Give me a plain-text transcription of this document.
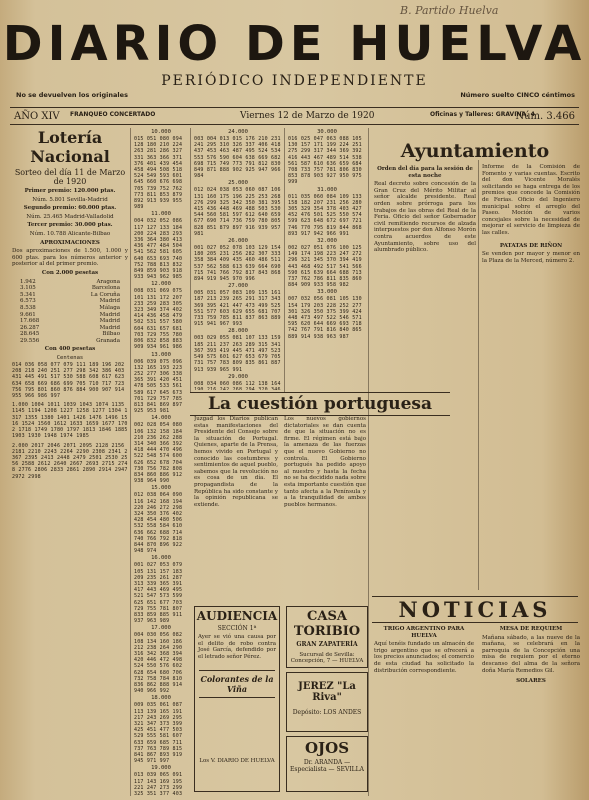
B. Partido Huelva
DIARIO DE HUELVA
PERIÓDICO INDEPENDIENTE
No se devuelven los originales	Número suelto CINCO céntimos
AÑO XIV FRANQUEO CONCERTADO	Viernes 12 de Marzo de 1920	Oficinas y Talleres: GRAVINA, 4
Núm. 3.466
Lotería Nacional
Sorteo del día 11 de Marzo de 1920

Primer premio: 120.000 ptas.

Núm. 5.801 Sevilla-Madrid

Segundo premio: 60.000 ptas.

Núm. 25.465 Madrid-Valladolid

Tercer premio: 30.000 ptas.

Núm. 10.788 Alicante-Bilbao

APROXIMACIONES

Dos aproximaciones de 1.500, 1.000 y 600 ptas. para los números anterior y posterior al del primer premio.

Con 2.000 pesetas

1.942	Aragona
3.105	Barcelona
5.341	La Coruña
6.573	Madrid
8.538	Málaga
9.661	Madrid
17.668	Madrid
26.287	Madrid
28.645	Bilbao
29.556	Granada

Con 400 pesetas

Centenas

014 036 058 077 079 111 189 196 202 208 218 240 251 277 298 342 386 403 431 445 491 517 530 588 608 617 623 634 658 669 686 699 705 710 717 723 756 795 801 860 876 884 900 907 914 955 966 986 997

1.000 1004 1011 1039 1043 1074 1135 1145 1194 1208 1227 1258 1277 1304 1317 1355 1380 1401 1426 1476 1496 1516 1524 1560 1612 1633 1659 1677 1702 1718 1749 1780 1797 1813 1846 1885 1903 1930 1948 1974 1985

2.000 2017 2046 2071 2095 2128 2156 2181 2210 2243 2264 2290 2308 2341 2367 2395 2413 2448 2479 2501 2530 2556 2588 2612 2640 2667 2693 2715 2748 2776 2806 2833 2861 2890 2914 2947 2972 2998

10.000

015 051 080 094 128 180 210 224 263 281 286 327 331 363 366 371 376 401 439 454 458 494 508 518 524 549 593 601 645 660 676 698 705 739 752 762 773 811 853 879 892 913 939 955 989

11.000

004 032 052 086 117 127 133 184 200 224 283 293 336 364 380 413 436 477 484 504 541 562 581 605 640 653 693 740 752 788 813 832 849 859 903 918 933 943 962 985

12.000

008 031 069 075 101 131 172 207 233 259 283 305 323 349 374 402 414 436 458 479 502 531 557 580 604 631 657 681 703 729 755 780 806 832 858 883 909 934 961 986

13.000

006 039 075 096 132 165 193 223 252 277 306 338 365 391 420 451 478 505 533 561 589 617 645 673 701 729 757 785 813 841 869 897 925 953 981

14.000

002 028 054 080 106 132 158 184 210 236 262 288 314 340 366 392 418 444 470 496 522 548 574 600 626 652 678 704 730 756 782 808 834 860 886 912 938 964 990

15.000

012 038 064 090 116 142 168 194 220 246 272 298 324 350 376 402 428 454 480 506 532 558 584 610 636 662 688 714 740 766 792 818 844 870 896 922 948 974

16.000

001 027 053 079 105 131 157 183 209 235 261 287 313 339 365 391 417 443 469 495 521 547 573 599 625 651 677 703 729 755 781 807 833 859 885 911 937 963 989

17.000

004 030 056 082 108 134 160 186 212 238 264 290 316 342 368 394 420 446 472 498 524 550 576 602 628 654 680 706 732 758 784 810 836 862 888 914 940 966 992

18.000

009 035 061 087 113 139 165 191 217 243 269 295 321 347 373 399 425 451 477 503 529 555 581 607 633 659 685 711 737 763 789 815 841 867 893 919 945 971 997

19.000

013 039 065 091 117 143 169 195 221 247 273 299 325 351 377 403

24.000

003 004 013 015 176 210 231 241 295 310 326 337 406 418 437 453 463 487 495 524 534 553 576 590 604 638 669 682 698 715 749 773 791 812 830 849 871 888 902 925 947 966 984

25.000

012 024 038 053 060 087 106 131 160 175 196 225 253 268 276 299 325 342 350 381 395 415 436 448 469 488 503 530 544 560 581 597 612 640 659 677 690 714 736 759 780 805 828 851 879 897 916 939 957 981

26.000

001 027 052 078 103 129 154 180 205 231 256 282 307 333 358 384 409 435 460 486 511 537 562 588 613 639 664 690 715 741 766 792 817 843 868 894 919 945 970 996

27.000

005 031 057 083 109 135 161 187 213 239 265 291 317 343 369 395 421 447 473 499 525 551 577 603 629 655 681 707 733 759 785 811 837 863 889 915 941 967 993

28.000

003 029 055 081 107 133 159 185 211 237 263 289 315 341 367 393 419 445 471 497 523 549 575 601 627 653 679 705 731 757 783 809 835 861 887 913 939 965 991

29.000

008 034 060 086 112 138 164 190 216 242 268 294 320 346

30.000

016 025 047 063 088 105 130 157 171 199 224 251 275 299 317 344 369 392 416 443 467 489 514 538 561 587 610 636 659 684 708 733 757 781 806 830 853 878 903 927 950 975 999

31.000

011 035 060 084 109 133 158 182 207 231 256 280 305 329 354 378 403 427 452 476 501 525 550 574 599 623 648 672 697 721 746 770 795 819 844 868 893 917 942 966 991

32.000

002 027 051 076 100 125 149 174 198 223 247 272 296 321 345 370 394 419 443 468 492 517 541 566 590 615 639 664 688 713 737 762 786 811 835 860 884 909 933 958 982

33.000

007 032 056 081 105 130 154 179 203 228 252 277 301 326 350 375 399 424 448 473 497 522 546 571 595 620 644 669 693 718 742 767 791 816 840 865 889 914 938 963 987

La cuestión portuguesa

Juzgad los Diarios publican estas manifestaciones del Presidente del Consejo sobre la situación de Portugal. Quienes, aparte de la Prensa, hemos vivido en Portugal y conocido las costumbres y sentimientos de aquel pueblo, sabemos que la revolución no es cosa de un día. El propagandista de la República ha sido constante y la opinión republicana se extiende.

Los nuevos gobiernos dictatoriales se dan cuenta de que la situación no es firme. El régimen está bajo la amenaza de las fuerzas que el nuevo Gobierno no controla. El Gobierno portugués ha pedido apoyo al nuestro y hasta la fecha no se ha decidido nada sobre esta importante cuestión que tanto afecta a la Península y a la tranquilidad de ambos pueblos hermanos.

Ayuntamiento

Orden del día para la sesión de esta noche

Real decreto sobre concesión de la Gran Cruz del Mérito Militar al señor alcalde presidente. Real orden sobre prórroga para los trabajos de las obras del Real de la Feria. Oficio del señor Gobernador civil remitiendo recursos de alzada interpuestos por don Alfonso Morón contra acuerdos de este Ayuntamiento, sobre uso del alumbrado público.

Informe de la Comisión de Fomento y varias cuentas. Escrito del don Vicente Moralés solicitando se haga entrega de los premios que concede la Comisión de Ferias. Oficio del Ingeniero municipal sobre el arreglo del Paseo. Moción de varios concejales sobre la necesidad de mejorar el servicio de limpieza de las calles.

PATATAS DE RIÑON

Se venden por mayor y menor en la Plaza de la Merced, número 2.

NOTICIAS

TRIGO ARGENTINO PARA HUELVA

Aquí tenéis fundado un almacén de trigo argentino que se ofrecerá a los precios anunciados; el comercio de esta ciudad ha solicitado la distribución correspondiente.

MESA DE REQUIEM

Mañana sábado, a las nueve de la mañana, se celebrará en la parroquia de la Concepción una misa de requiem por el eterno descanso del alma de la señora doña María Remedios Gil.

SOLARES

AUDIENCIA
SECCIÓN 1ª

Ayer se vió una causa por el delito de robo contra José García, defendido por el letrado señor Pérez.

Colorantes de la Viña
Los V. DIARIO DE HUELVA
CASA TORIBIO
GRAN ZAPATERÍA
Sucursal de Sevilla: Concepción, 7 — HUELVA
JEREZ "La Riva"
Depósito: LOS ANDES
OJOS
Dr. ARANDA — Especialista — SEVILLA
